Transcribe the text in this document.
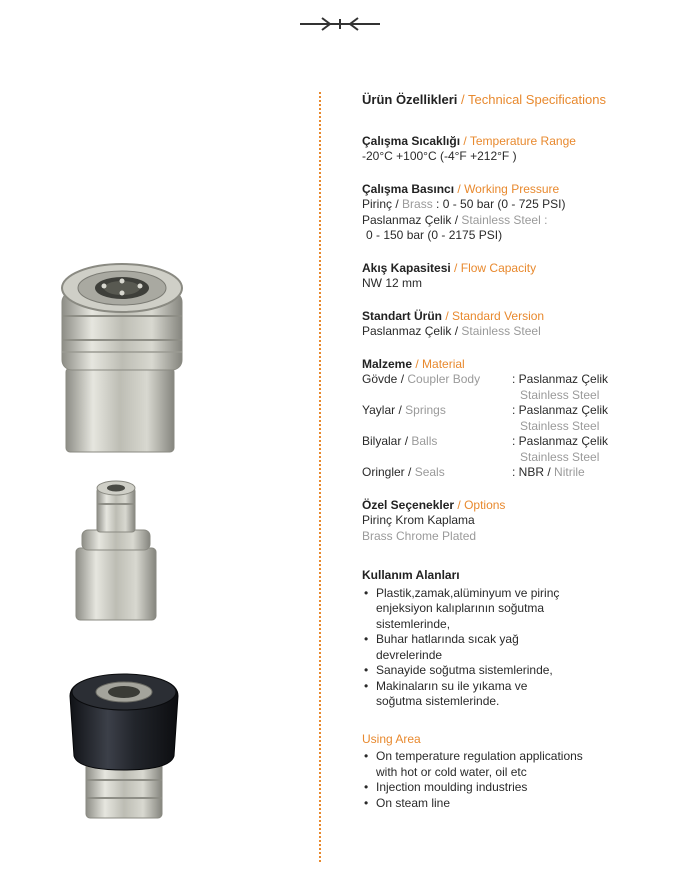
Ürün Özellikleri / Technical Specifications
Çalışma Sıcaklığı / Temperature Range
-20°C +100°C (-4°F +212°F )
Çalışma Basıncı / Working Pressure
Pirinç / Brass : 0 - 50 bar (0 - 725 PSI)
Paslanmaz Çelik / Stainless Steel :
0 - 150 bar (0 - 2175 PSI)
Akış Kapasitesi / Flow Capacity
NW 12 mm
Standart Ürün / Standard Version
Paslanmaz Çelik / Stainless Steel
Malzeme / Material
Gövde / Coupler Body	: Paslanmaz Çelik
Stainless Steel
Yaylar / Springs	: Paslanmaz Çelik
Stainless Steel
Bilyalar / Balls	: Paslanmaz Çelik
Stainless Steel
Oringler / Seals	: NBR / Nitrile
Özel Seçenekler / Options
Pirinç Krom Kaplama
Brass Chrome Plated
Kullanım Alanları
• Plastik,zamak,alüminyum ve pirinç enjeksiyon kalıplarının soğutma sistemlerinde,
• Buhar hatlarında sıcak yağ devrelerinde
• Sanayide soğutma sistemlerinde,
• Makinaların su ile yıkama ve soğutma sistemlerinde.
Using Area
• On temperature regulation applications with hot or cold water, oil etc
• Injection moulding industries
• On steam line
